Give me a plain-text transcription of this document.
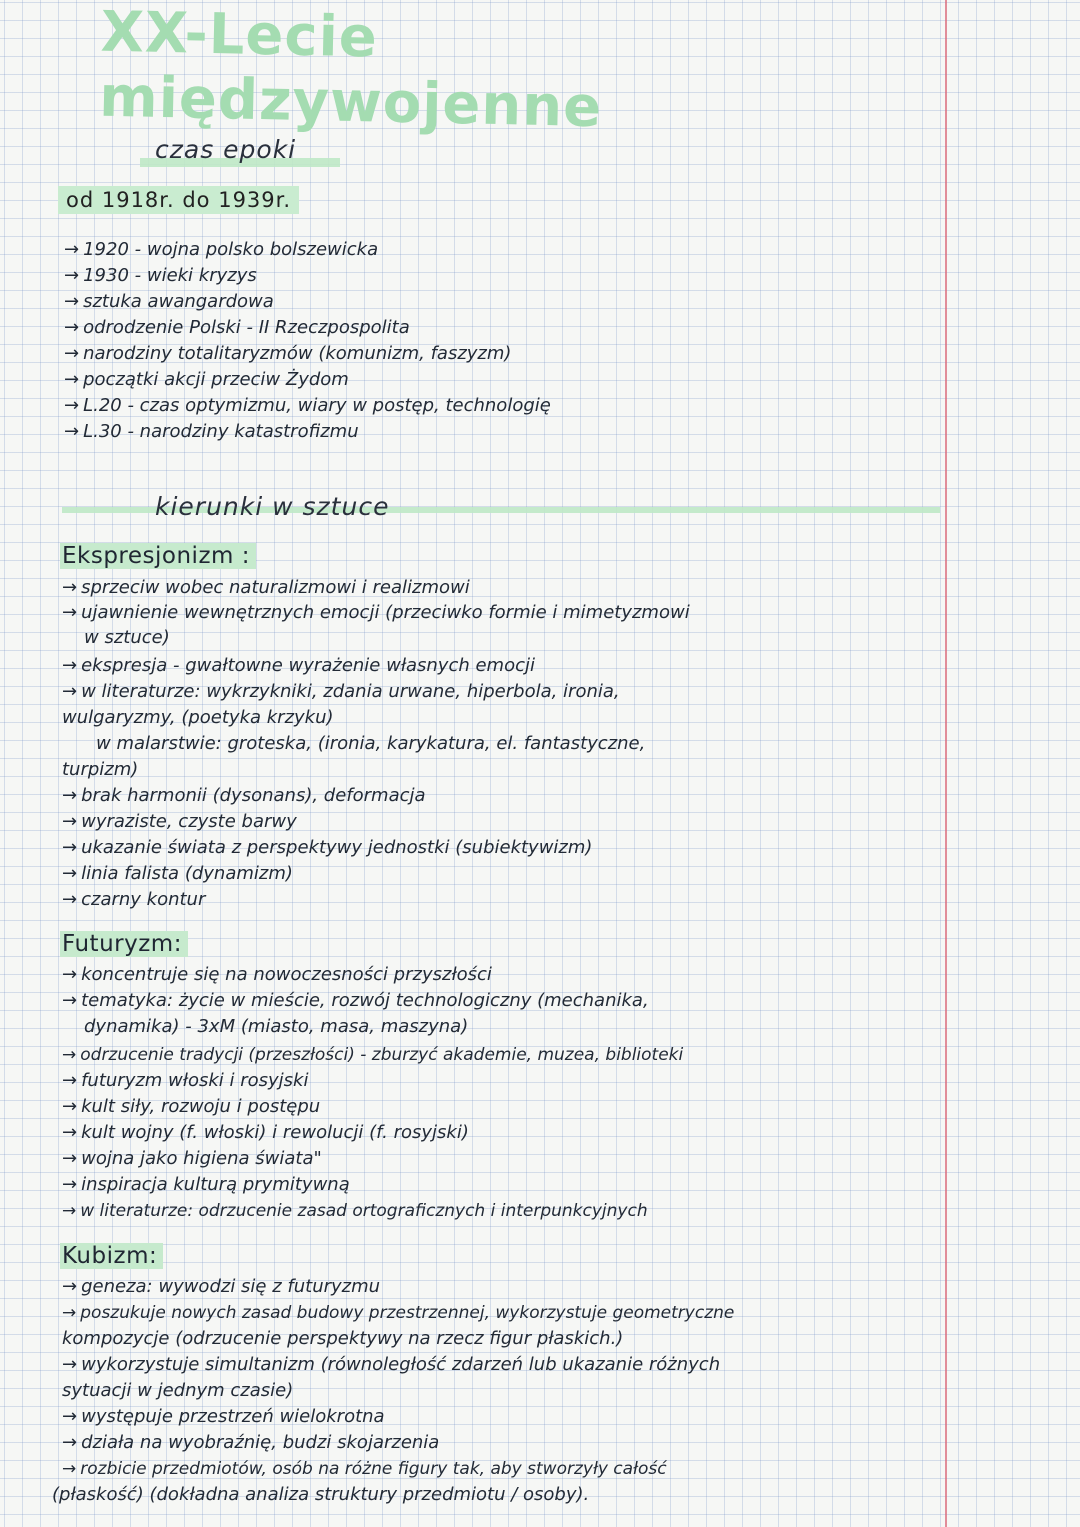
XX-Lecie międzywojenne
czas epoki
od 1918r. do 1939r.
→ 1920 - wojna polsko bolszewicka
→ 1930 - wieki kryzys
→ sztuka awangardowa
→ odrodzenie Polski - II Rzeczpospolita
→ narodziny totalitaryzmów (komunizm, faszyzm)
→ początki akcji przeciw Żydom
→ L.20 - czas optymizmu, wiary w postęp, technologię
→ L.30 - narodziny katastrofizmu
kierunki w sztuce
Ekspresjonizm :
→ sprzeciw wobec naturalizmowi i realizmowi
→ ujawnienie wewnętrznych emocji (przeciwko formie i mimetyzmowi
w sztuce)
→ ekspresja - gwałtowne wyrażenie własnych emocji
→ w literaturze: wykrzykniki, zdania urwane, hiperbola, ironia,
wulgaryzmy, (poetyka krzyku)
w malarstwie: groteska, (ironia, karykatura, el. fantastyczne,
turpizm)
→ brak harmonii (dysonans), deformacja
→ wyraziste, czyste barwy
→ ukazanie świata z perspektywy jednostki (subiektywizm)
→ linia falista (dynamizm)
→ czarny kontur
Futuryzm:
→ koncentruje się na nowoczesności przyszłości
→ tematyka: życie w mieście, rozwój technologiczny (mechanika,
dynamika) - 3xM (miasto, masa, maszyna)
→ odrzucenie tradycji (przeszłości) - zburzyć akademie, muzea, biblioteki
→ futuryzm włoski i rosyjski
→ kult siły, rozwoju i postępu
→ kult wojny (f. włoski) i rewolucji (f. rosyjski)
→ wojna jako higiena świata"
→ inspiracja kulturą prymitywną
→ w literaturze: odrzucenie zasad ortograficznych i interpunkcyjnych
Kubizm:
→ geneza: wywodzi się z futuryzmu
→ poszukuje nowych zasad budowy przestrzennej, wykorzystuje geometryczne
kompozycje (odrzucenie perspektywy na rzecz figur płaskich.)
→ wykorzystuje simultanizm (równoległość zdarzeń lub ukazanie różnych
sytuacji w jednym czasie)
→ występuje przestrzeń wielokrotna
→ działa na wyobraźnię, budzi skojarzenia
→ rozbicie przedmiotów, osób na różne figury tak, aby stworzyły całość
(płaskość) (dokładna analiza struktury przedmiotu / osoby).
